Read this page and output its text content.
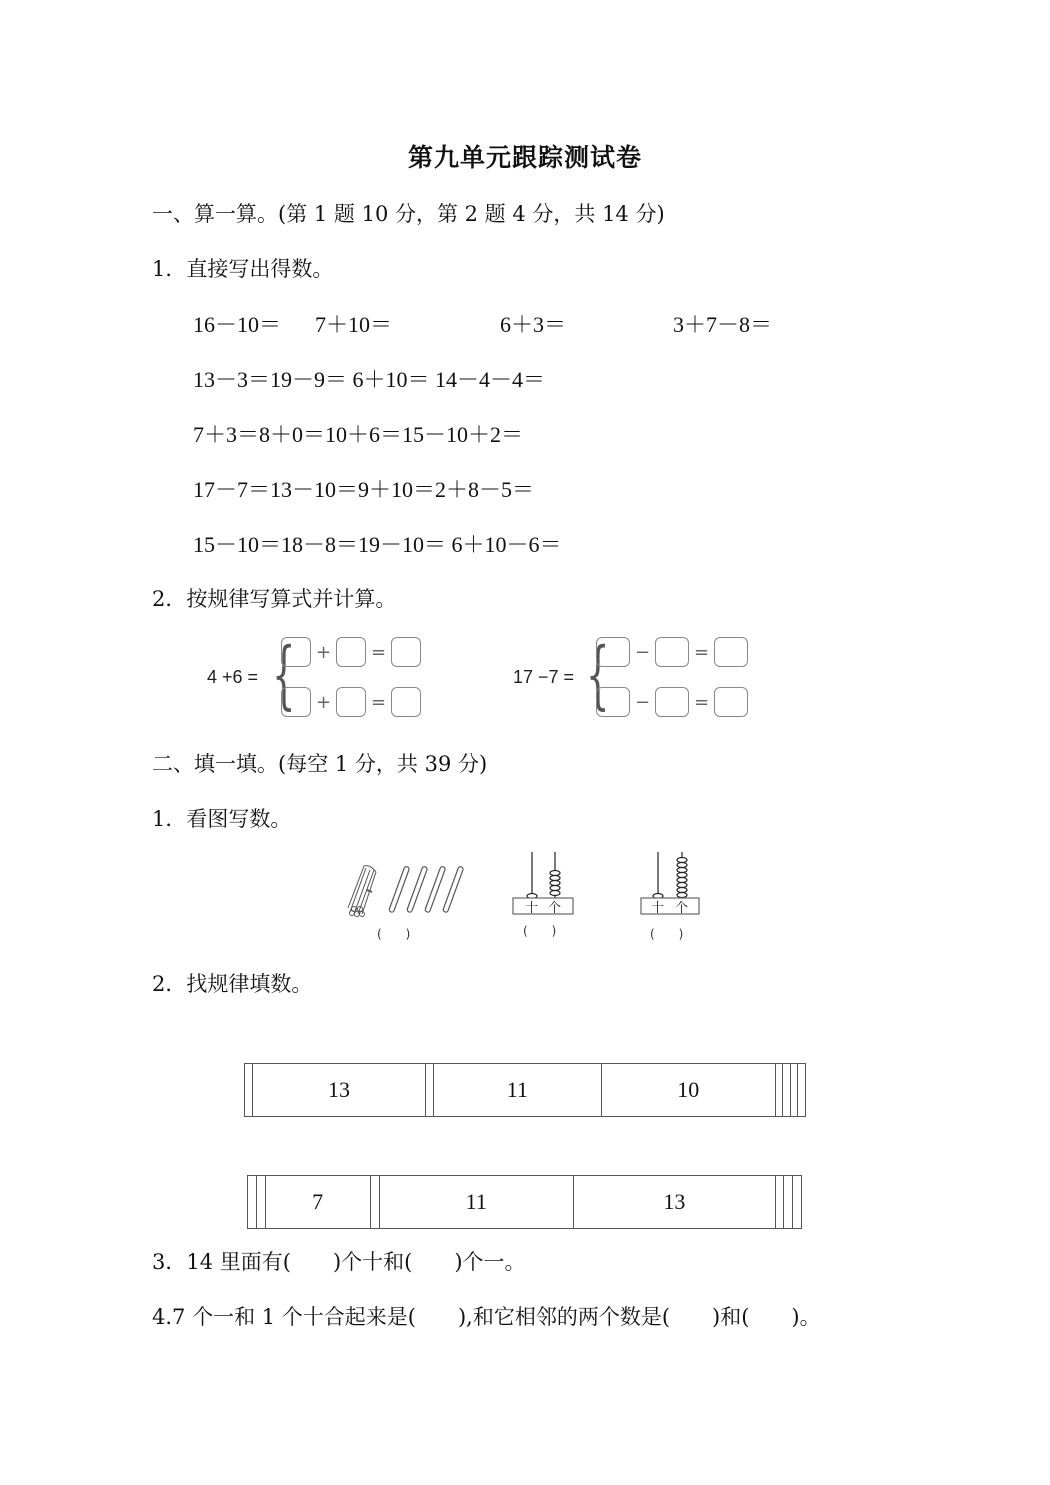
第九单元跟踪测试卷
一、算一算。(第 1 题 10 分，第 2 题 4 分，共 14 分)
1．直接写出得数。
16－10＝ 7＋10＝	6＋3＝	3＋7－8＝
13－3＝19－9＝ 6＋10＝ 14－4－4＝
7＋3＝8＋0＝10＋6＝15－10＋2＝
17－7＝13－10＝9＋10＝2＋8－5＝
15－10＝18－8＝19－10＝ 6＋10－6＝
2．按规律写算式并计算。
4 +6 = { + =
+ =
17 −7 = { − =
− =
二、填一填。(每空 1 分，共 39 分)
1．看图写数。
(　　)
十 个
(　　)
十 个
(　　)
2．找规律填数。
	13		11	10				
		7		11	13			
3．14 里面有(　　)个十和(　　)个一。
4.7 个一和 1 个十合起来是(　　),和它相邻的两个数是(　　)和(　　)。
